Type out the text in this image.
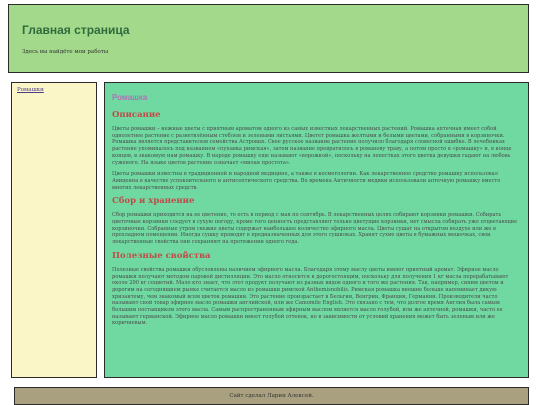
Главная страница

Здесь вы найдёте мои работы

Ромашки
Ромашка
Описание

Цветы ромашки – нежные цветы с приятным ароматом одного из самых известных лекарственных растений. Ромашка аптечная имеет собой однолетнее растение с разветвлённым стеблем и зелеными листьями. Цветет ромашка желтыми и белыми цветами, собранными в корзиночки. Ромашка является представителем семейства Астровых. Свое русское название растение получило благодаря словесной ошибке. В лечебниках растение упоминалось под названием «пупавка римская», затем название превратилось в романову траву, а потом просто в «ромашку» и, в конце концов, в знакомую нам ромашку. В народе ромашку еще называют «ворожкой», поскольку на лепестках этого цветка девушки гадают на любовь суженого. На языке цветов растение означает «милая простота».

Цветы ромашки известны в традиционной и народной медицине, а также в косметологии. Как лекарственное средство ромашку использовал Авиценна в качестве успокоительного и антисептического средства. Во времена Античности медики использовали аптечную ромашку вместо многих лекарственных средств.

Сбор и хранение

Сбор ромашки приходится на ее цветение, то есть в период с мая по сентябрь. В лекарственных целях собирают корзинки ромашки. Собирать цветочные корзинки следует в сухую погоду, кроме того ценность представляют только цветущие корзинки, нет смысла собирать уже отцветающие корзиночки. Собранные утром свежие цветы содержат наибольшее количество эфирного масла. Цветы сушат на открытом воздухе или же в прохладном помещении. Иногда сушку проводят в предназначенных для этого сушилках. Хранят сухие цветы в бумажных мешочках, свои лекарственные свойства они сохраняют на протяжении одного года.

Полезные свойства

Полезные свойства ромашки обусловлены наличием эфирного масла. Благодаря этому маслу цветы имеют приятный аромат. Эфирное масло ромашки получают методом паровой дистилляции. Это масло относится к дорогостоящим, поскольку для получения 1 кг масла перерабатывают около 200 кг соцветий. Мало кто знает, что этот продукт получают из разных видов одного и того же растения. Так, например, синим цветом и дорогим на сегодняшнем рынке считается масло из ромашки римской Anthemisnobilis. Римская ромашка внешне больше напоминает дикую хризантему, чем знакомый всем цветок ромашки. Это растение произрастает в Бельгии, Венгрии, Франции, Германии. Производители часто называют свой товар эфирное масло ромашки английской, или же Camomile English. Это связано с тем, что долгое время Англия была самым большим поставщиком этого масла. Самым распространенным эфирным маслом является масло голубой, или же аптечной, ромашки, часто ее называют германской. Эфирное масло ромашки имеет голубой оттенок, но в зависимости от условий хранения может быть зеленым или же коричневым.

Сайт сделал Ларин Алексей.
